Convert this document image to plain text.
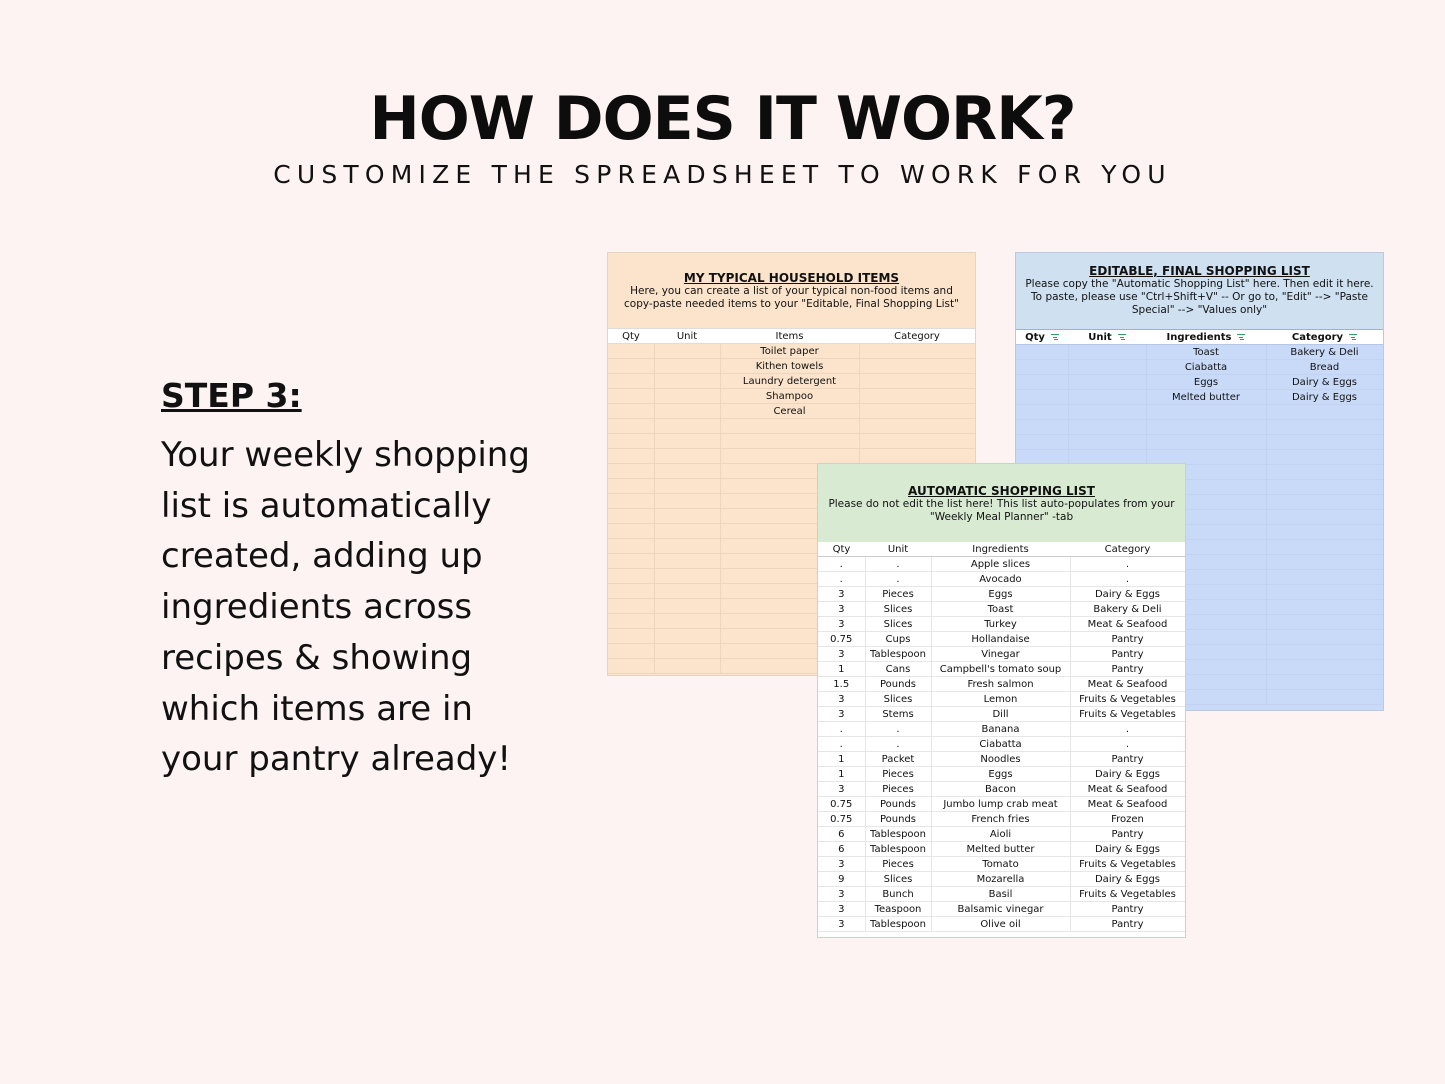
HOW DOES IT WORK?
CUSTOMIZE THE SPREADSHEET TO WORK FOR YOU
STEP 3:
Your weekly shopping list is automatically created, adding up ingredients across recipes & showing which items are in your pantry already!
MY TYPICAL HOUSEHOLD ITEMS
Here, you can create a list of your typical non-food items and
copy-paste needed items to your "Editable, Final Shopping List"
Qty	Unit	Items	Category
		Toilet paper	
		Kithen towels	
		Laundry detergent	
		Shampoo	
		Cereal	

EDITABLE, FINAL SHOPPING LIST
Please copy the "Automatic Shopping List" here. Then edit it here.
To paste, please use "Ctrl+Shift+V" -- Or go to, "Edit" --> "Paste
Special" --> "Values only"
Qty	Unit	Ingredients	Category
		Toast	Bakery & Deli
		Ciabatta	Bread
		Eggs	Dairy & Eggs
		Melted butter	Dairy & Eggs

AUTOMATIC SHOPPING LIST
Please do not edit the list here! This list auto-populates from your
"Weekly Meal Planner" -tab
Qty	Unit	Ingredients	Category
.	.	Apple slices	.
.	.	Avocado	.
3	Pieces	Eggs	Dairy & Eggs
3	Slices	Toast	Bakery & Deli
3	Slices	Turkey	Meat & Seafood
0.75	Cups	Hollandaise	Pantry
3	Tablespoon	Vinegar	Pantry
1	Cans	Campbell's tomato soup	Pantry
1.5	Pounds	Fresh salmon	Meat & Seafood
3	Slices	Lemon	Fruits & Vegetables
3	Stems	Dill	Fruits & Vegetables
.	.	Banana	.
.	.	Ciabatta	.
1	Packet	Noodles	Pantry
1	Pieces	Eggs	Dairy & Eggs
3	Pieces	Bacon	Meat & Seafood
0.75	Pounds	Jumbo lump crab meat	Meat & Seafood
0.75	Pounds	French fries	Frozen
6	Tablespoon	Aioli	Pantry
6	Tablespoon	Melted butter	Dairy & Eggs
3	Pieces	Tomato	Fruits & Vegetables
9	Slices	Mozarella	Dairy & Eggs
3	Bunch	Basil	Fruits & Vegetables
3	Teaspoon	Balsamic vinegar	Pantry
3	Tablespoon	Olive oil	Pantry
